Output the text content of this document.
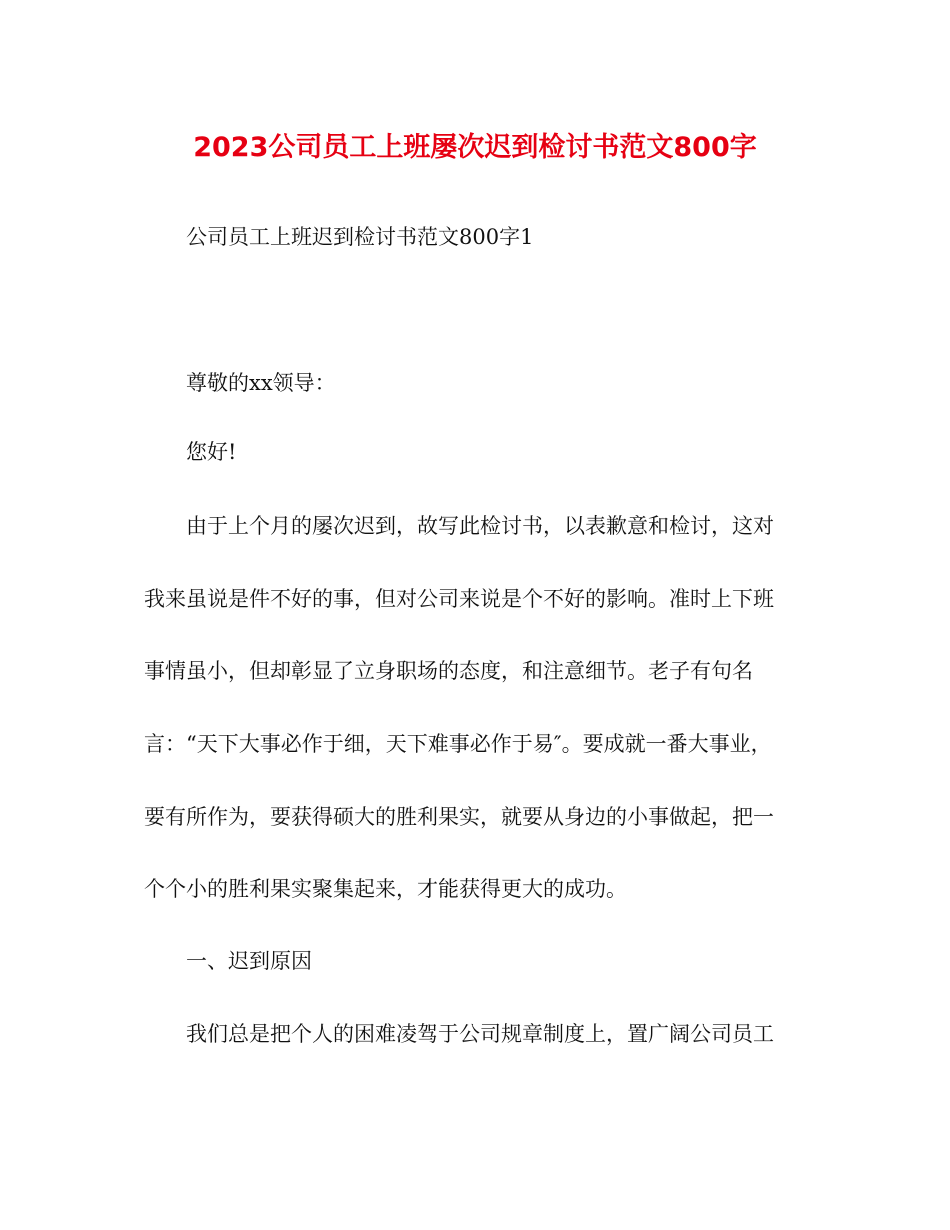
2023公司员工上班屡次迟到检讨书范文800字
公司员工上班迟到检讨书范文800字1
尊敬的xx领导：
您好!
由于上个月的屡次迟到，故写此检讨书，以表歉意和检讨，这对
我来虽说是件不好的事，但对公司来说是个不好的影响。准时上下班
事情虽小，但却彰显了立身职场的态度，和注意细节。老子有句名
言：“天下大事必作于细，天下难事必作于易″。要成就一番大事业，
要有所作为，要获得硕大的胜利果实，就要从身边的小事做起，把一
个个小的胜利果实聚集起来，才能获得更大的成功。
一、迟到原因
我们总是把个人的困难凌驾于公司规章制度上，置广阔公司员工
